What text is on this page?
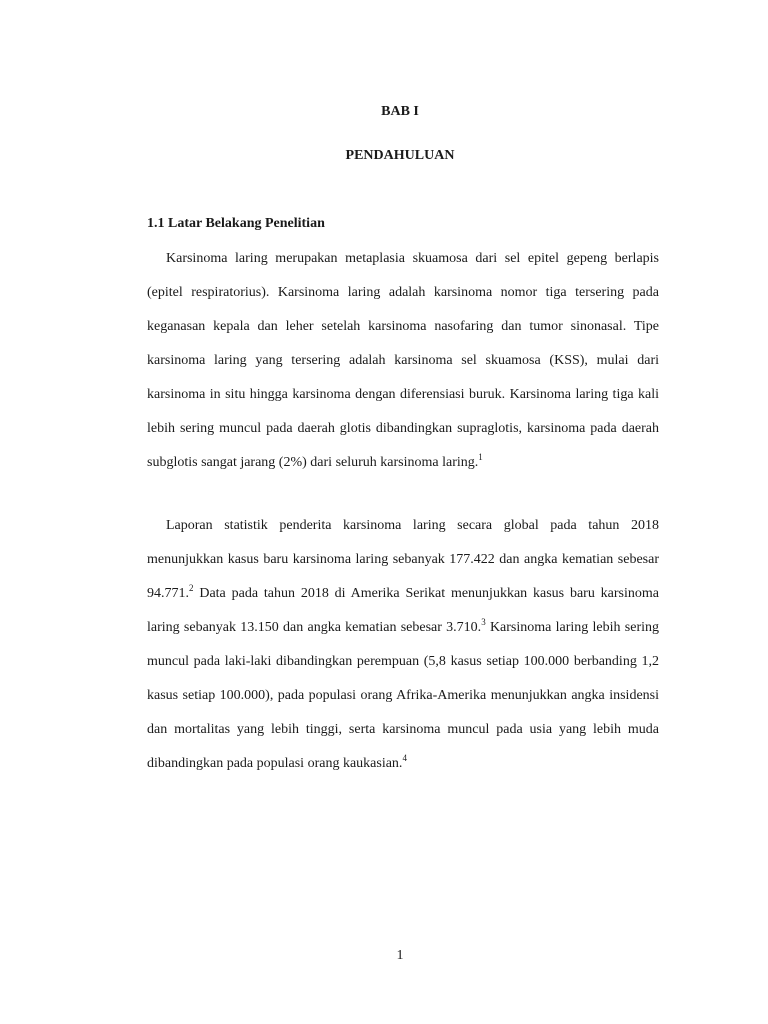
BAB I
PENDAHULUAN
1.1 Latar Belakang Penelitian

Karsinoma laring merupakan metaplasia skuamosa dari sel epitel gepeng berlapis (epitel respiratorius). Karsinoma laring adalah karsinoma nomor tiga tersering pada keganasan kepala dan leher setelah karsinoma nasofaring dan tumor sinonasal. Tipe karsinoma laring yang tersering adalah karsinoma sel skuamosa (KSS), mulai dari karsinoma in situ hingga karsinoma dengan diferensiasi buruk. Karsinoma laring tiga kali lebih sering muncul pada daerah glotis dibandingkan supraglotis, karsinoma pada daerah subglotis sangat jarang (2%) dari seluruh karsinoma laring.$^1$

Laporan statistik penderita karsinoma laring secara global pada tahun 2018 menunjukkan kasus baru karsinoma laring sebanyak 177.422 dan angka kematian sebesar 94.771.$^2$ Data pada tahun 2018 di Amerika Serikat menunjukkan kasus baru karsinoma laring sebanyak 13.150 dan angka kematian sebesar 3.710.$^3$ Karsinoma laring lebih sering muncul pada laki-laki dibandingkan perempuan (5,8 kasus setiap 100.000 berbanding 1,2 kasus setiap 100.000), pada populasi orang Afrika-Amerika menunjukkan angka insidensi dan mortalitas yang lebih tinggi, serta karsinoma muncul pada usia yang lebih muda dibandingkan pada populasi orang kaukasian.$^4$

1
